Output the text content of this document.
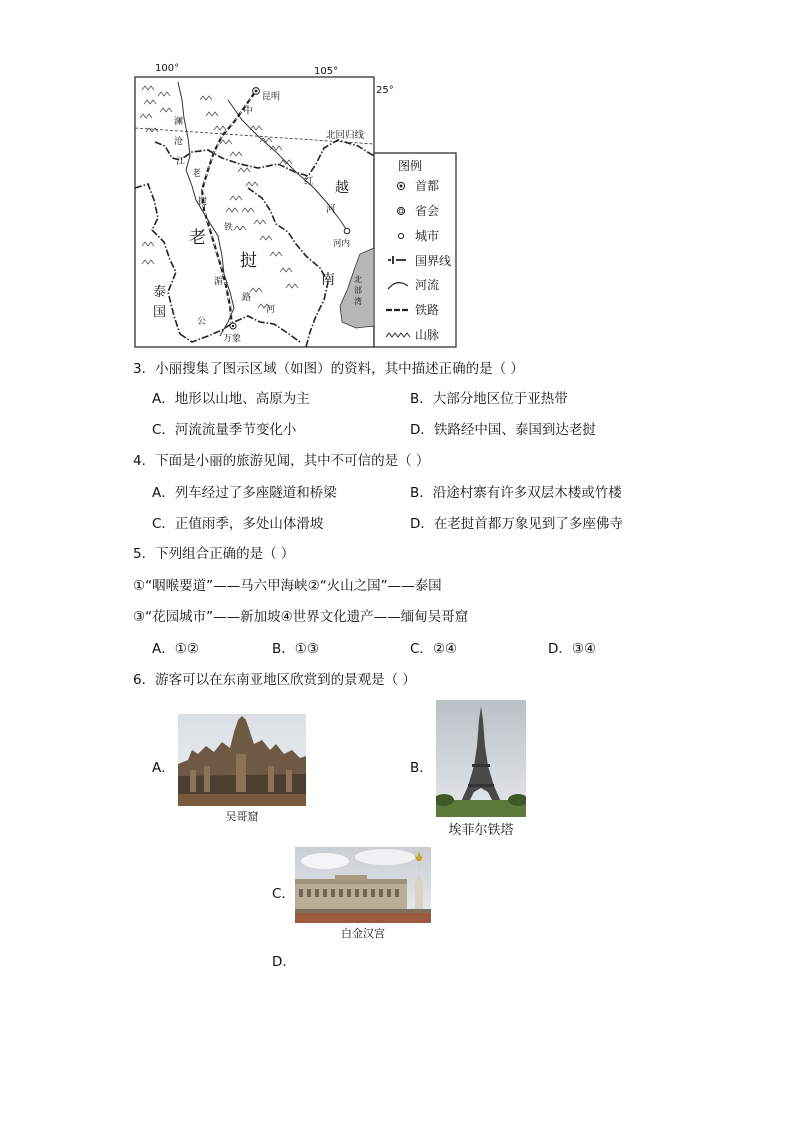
100°	105°
25°
北回归线
昆明
河内
万象
中
澜
沧
江
老
挝
铁
红
河
越
南
老
挝
泰
国
湄
路
河
公
北
部
湾
图例
首都
省会
城市
国界线
河流
铁路
山脉
3．小丽搜集了图示区域（如图）的资料，其中描述正确的是（ ）
A．地形以山地、高原为主	B．大部分地区位于亚热带
C．河流流量季节变化小	D．铁路经中国、泰国到达老挝
4．下面是小丽的旅游见闻，其中不可信的是（ ）
A．列车经过了多座隧道和桥梁	B．沿途村寨有许多双层木楼或竹楼
C．正值雨季，多处山体滑坡	D．在老挝首都万象见到了多座佛寺
5．下列组合正确的是（ ）
①“咽喉要道”——马六甲海峡②“火山之国”——泰国
③“花园城市”——新加坡④世界文化遗产——缅甸吴哥窟
A．①②	B．①③	C．②④	D．③④
6．游客可以在东南亚地区欣赏到的景观是（ ）
A．
吴哥窟
B．
埃菲尔铁塔
C．
白金汉宫
D．
